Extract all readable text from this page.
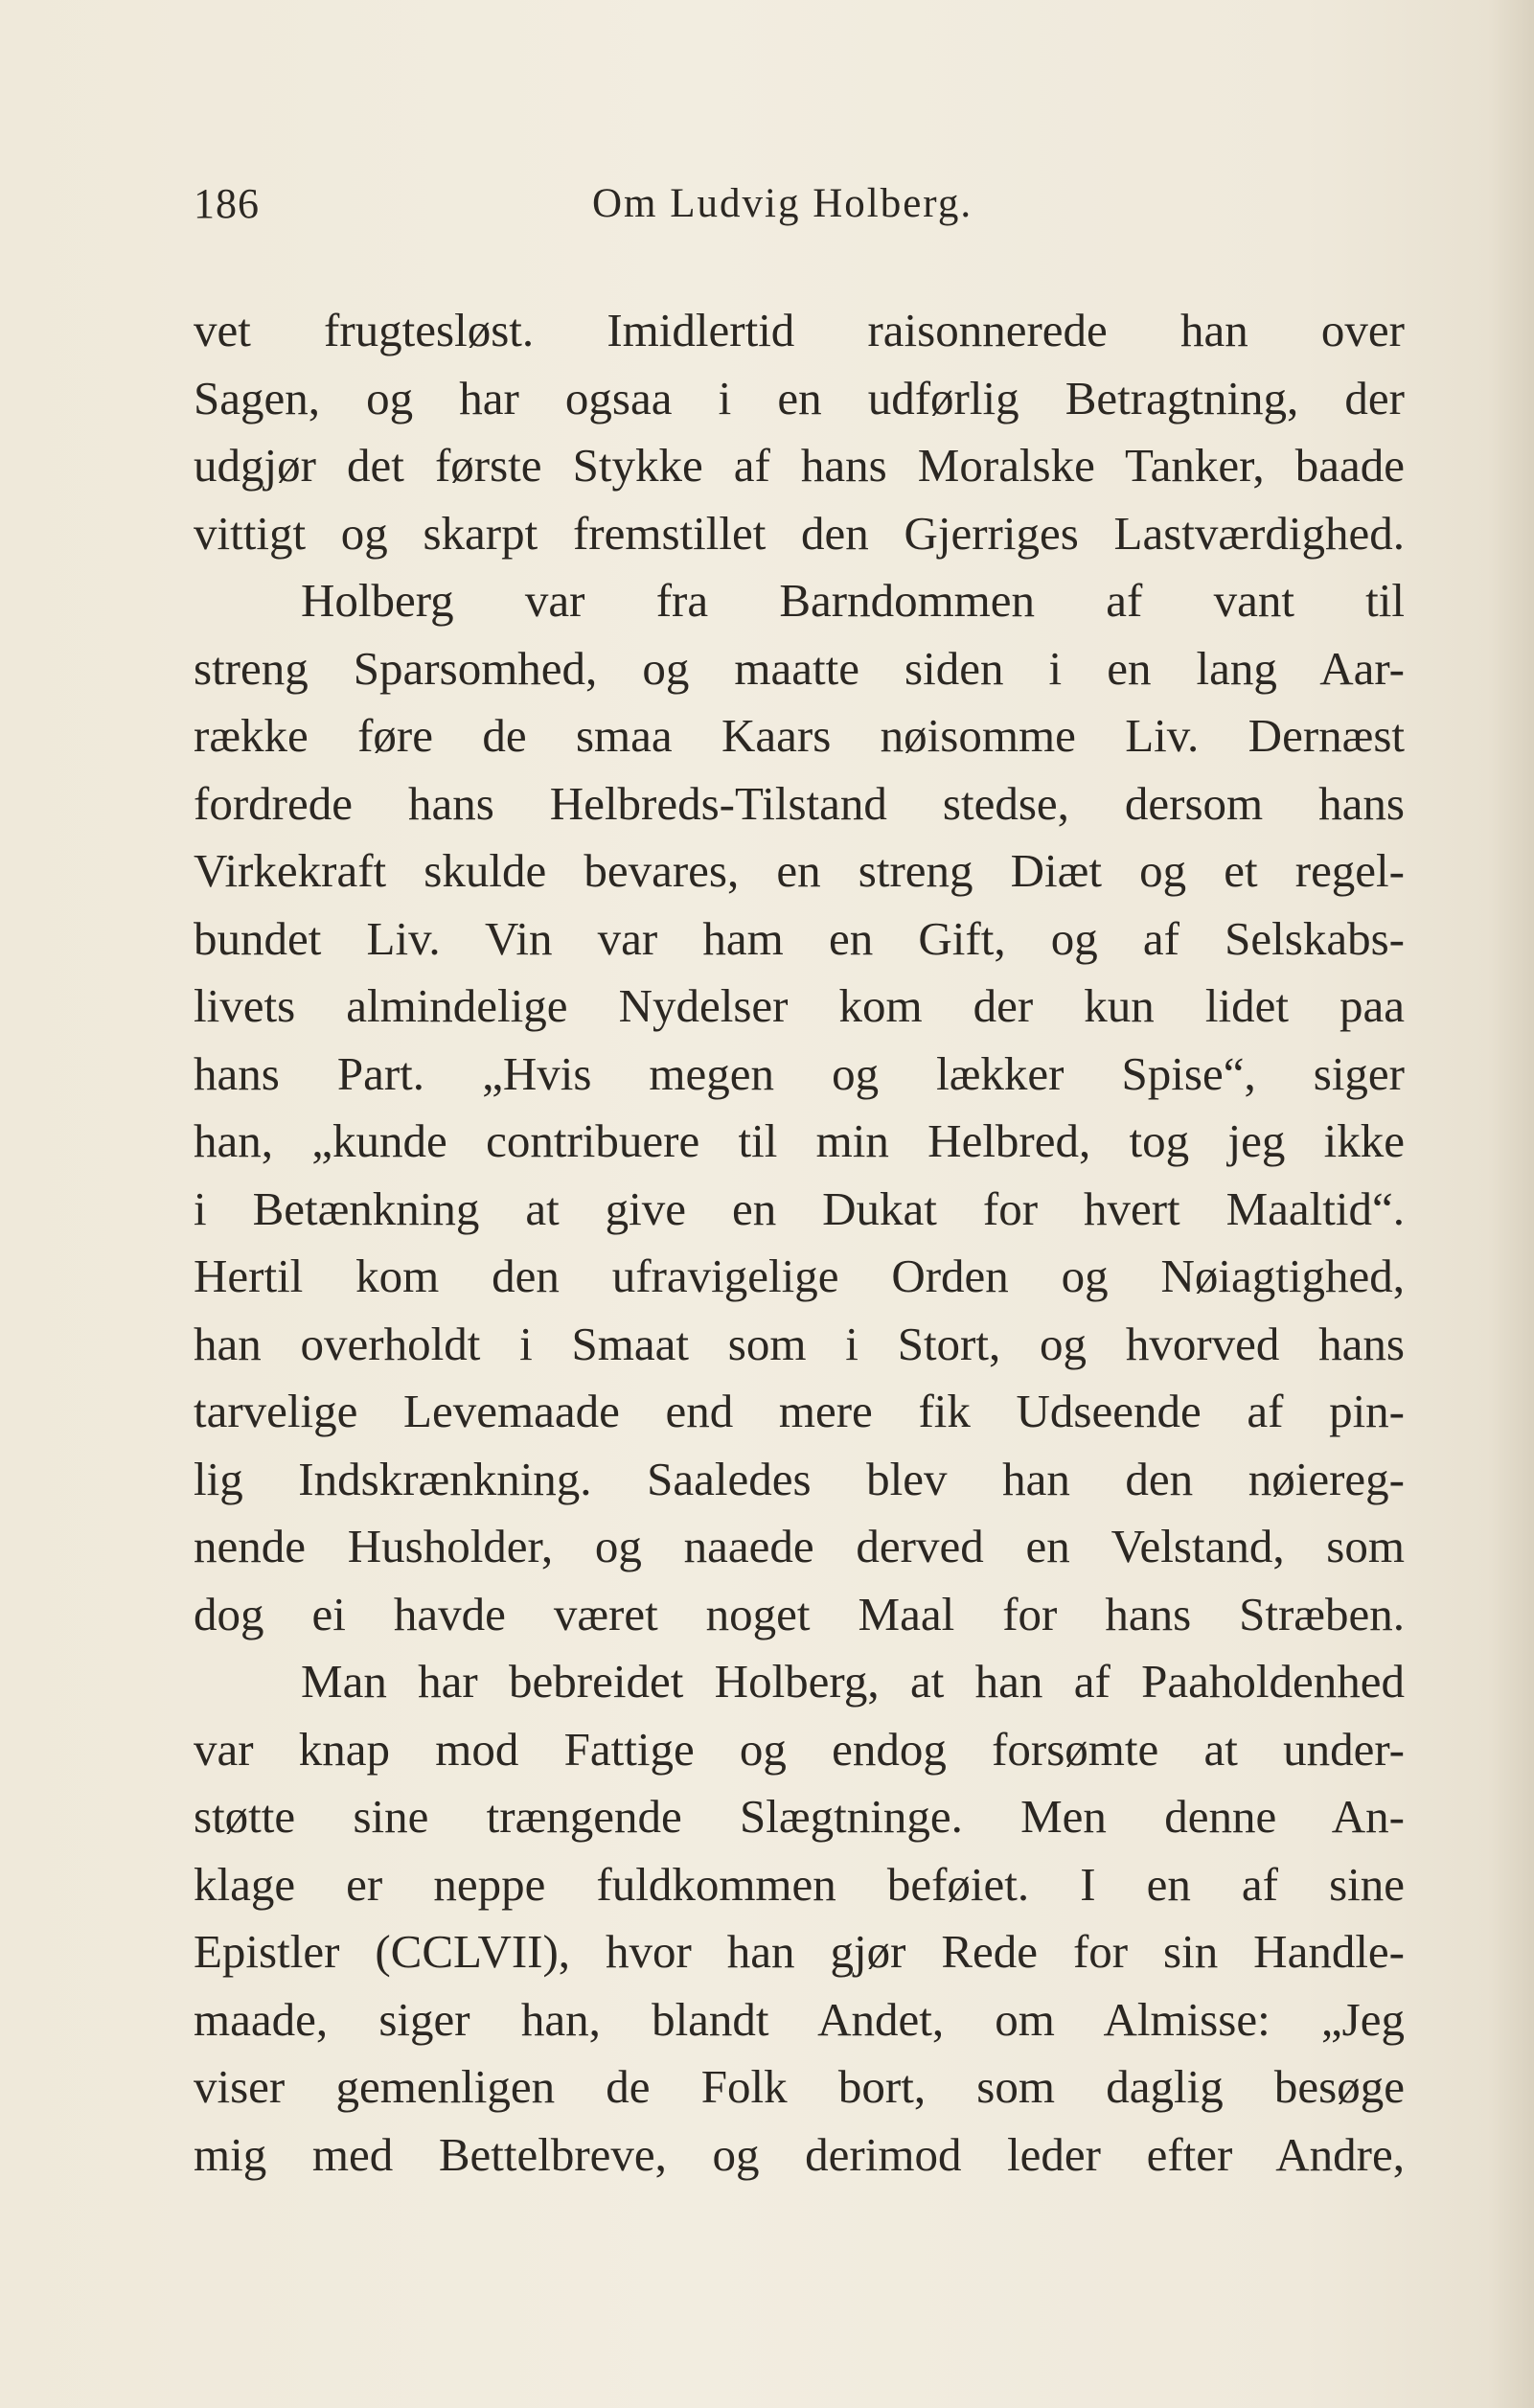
186	Om Ludvig Holberg.
vet frugtesløst. Imidlertid raisonnerede han over
Sagen, og har ogsaa i en udførlig Betragtning, der
udgjør det første Stykke af hans Moralske Tanker, baade
vittigt og skarpt fremstillet den Gjerriges Lastværdighed.
Holberg var fra Barndommen af vant til
streng Sparsomhed, og maatte siden i en lang Aar-
række føre de smaa Kaars nøisomme Liv. Dernæst
fordrede hans Helbreds-Tilstand stedse, dersom hans
Virkekraft skulde bevares, en streng Diæt og et regel-
bundet Liv. Vin var ham en Gift, og af Selskabs-
livets almindelige Nydelser kom der kun lidet paa
hans Part. „Hvis megen og lækker Spise“, siger
han, „kunde contribuere til min Helbred, tog jeg ikke
i Betænkning at give en Dukat for hvert Maaltid“.
Hertil kom den ufravigelige Orden og Nøiagtighed,
han overholdt i Smaat som i Stort, og hvorved hans
tarvelige Levemaade end mere fik Udseende af pin-
lig Indskrænkning. Saaledes blev han den nøiereg-
nende Husholder, og naaede derved en Velstand, som
dog ei havde været noget Maal for hans Stræben.
Man har bebreidet Holberg, at han af Paaholdenhed
var knap mod Fattige og endog forsømte at under-
støtte sine trængende Slægtninge. Men denne An-
klage er neppe fuldkommen beføiet. I en af sine
Epistler (CCLVII), hvor han gjør Rede for sin Handle-
maade, siger han, blandt Andet, om Almisse: „Jeg
viser gemenligen de Folk bort, som daglig besøge
mig med Bettelbreve, og derimod leder efter Andre,
